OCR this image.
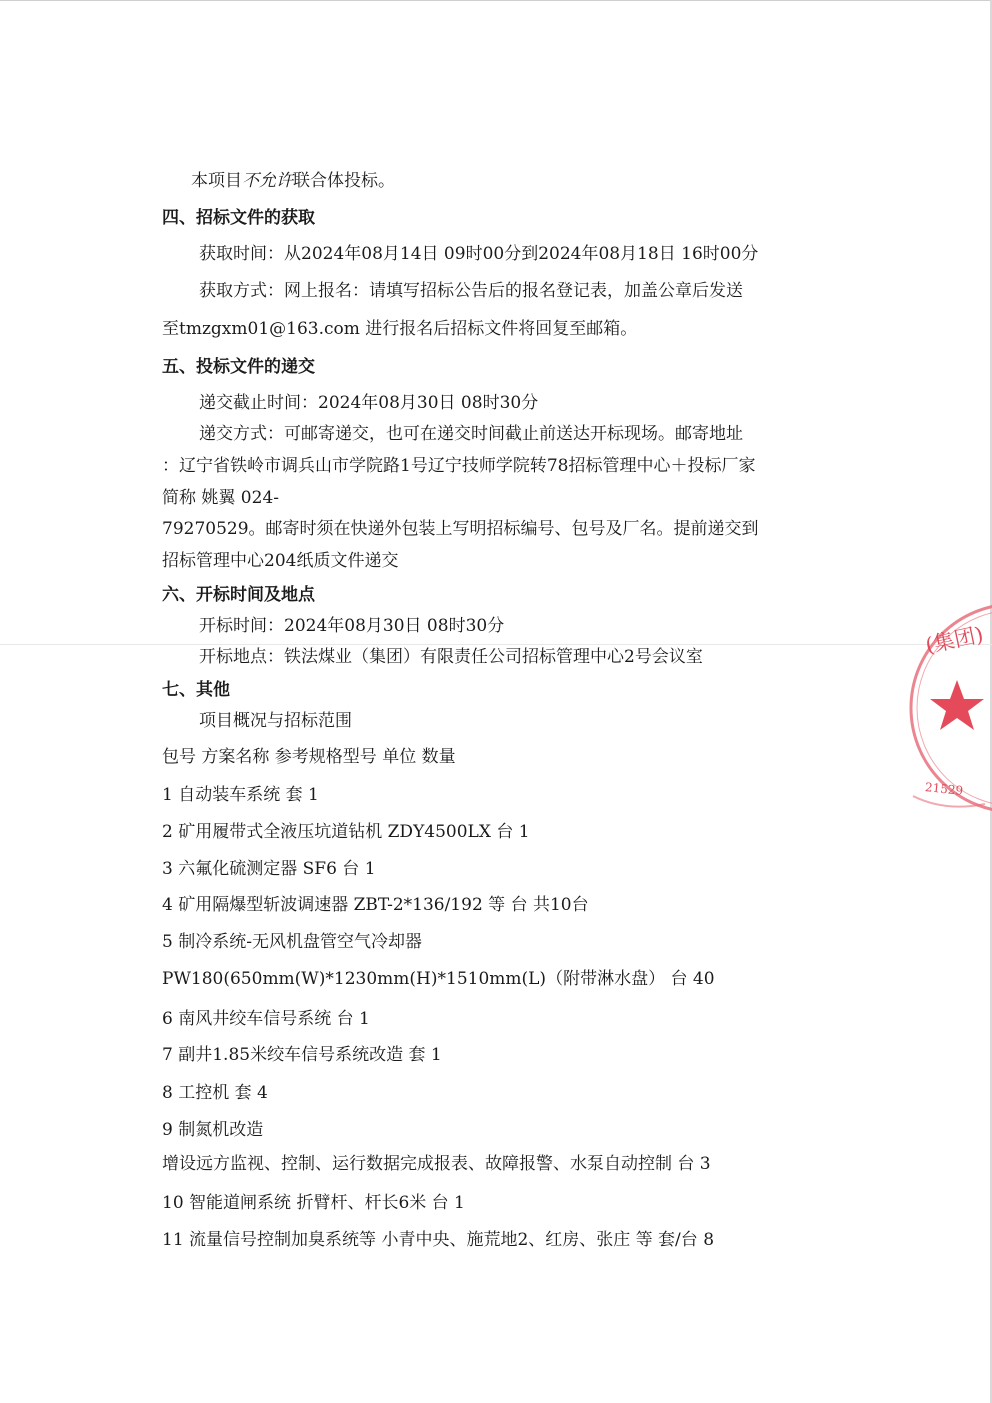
本项目不允许联合体投标。
四、招标文件的获取
获取时间：从2024年08月14日 09时00分到2024年08月18日 16时00分
获取方式：网上报名：请填写招标公告后的报名登记表，加盖公章后发送
至tmzgxm01@163.com 进行报名后招标文件将回复至邮箱。
五、投标文件的递交
递交截止时间：2024年08月30日 08时30分
递交方式：可邮寄递交，也可在递交时间截止前送达开标现场。邮寄地址
：辽宁省铁岭市调兵山市学院路1号辽宁技师学院转78招标管理中心＋投标厂家
简称 姚翼 024-
79270529。邮寄时须在快递外包装上写明招标编号、包号及厂名。提前递交到
招标管理中心204纸质文件递交
六、开标时间及地点
开标时间：2024年08月30日 08时30分
开标地点：铁法煤业（集团）有限责任公司招标管理中心2号会议室
七、其他
项目概况与招标范围
包号 方案名称 参考规格型号 单位 数量
1 自动装车系统 套 1
2 矿用履带式全液压坑道钻机 ZDY4500LX 台 1
3 六氟化硫测定器 SF6 台 1
4 矿用隔爆型斩波调速器 ZBT-2*136/192 等 台 共10台
5 制冷系统-无风机盘管空气冷却器
PW180(650mm(W)*1230mm(H)*1510mm(L)（附带淋水盘） 台 40
6 南风井绞车信号系统 台 1
7 副井1.85米绞车信号系统改造 套 1
8 工控机 套 4
9 制氮机改造
增设远方监视、控制、运行数据完成报表、故障报警、水泵自动控制 台 3
10 智能道闸系统 折臂杆、杆长6米 台 1
11 流量信号控制加臭系统等 小青中央、施荒地2、红房、张庄 等 套/台 8
(集团)
21529
